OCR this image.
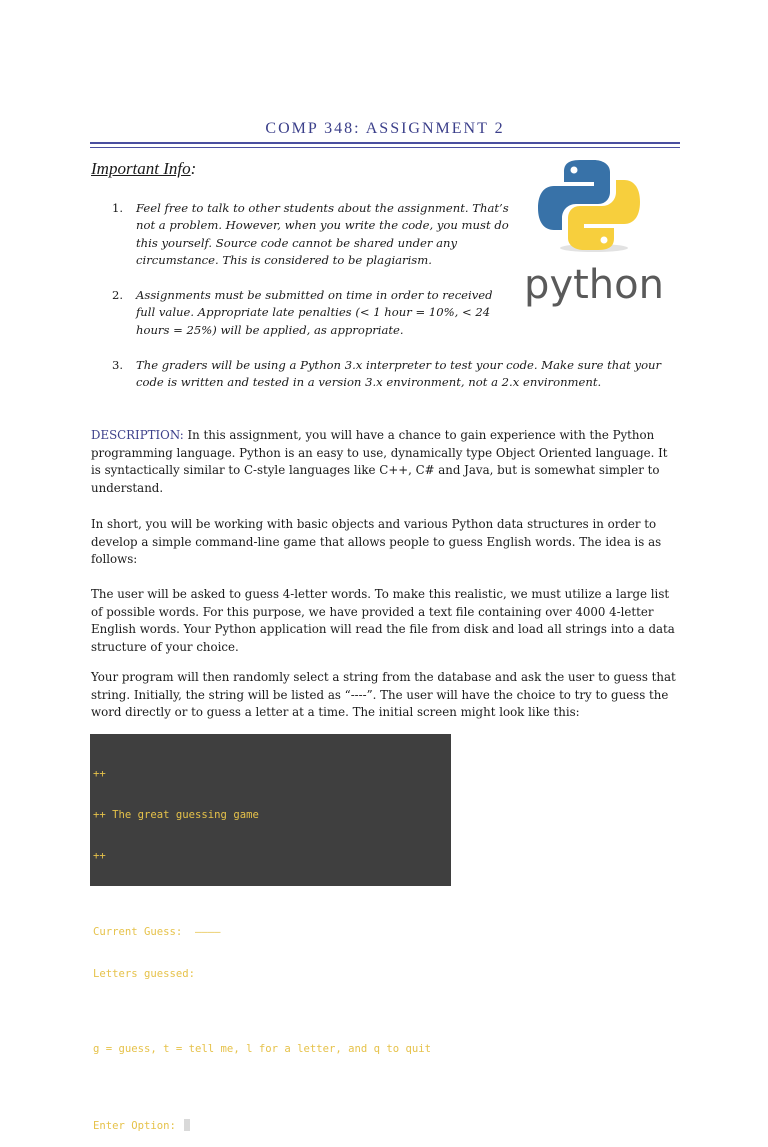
COMP 348: ASSIGNMENT 2
Important Info:
1. Feel free to talk to other students about the assignment. That’s not a problem. However, when you write the code, you must do this yourself. Source code cannot be shared under any circumstance. This is considered to be plagiarism.
2. Assignments must be submitted on time in order to received full value. Appropriate late penalties (< 1 hour = 10%, < 24 hours = 25%) will be applied, as appropriate.
3. The graders will be using a Python 3.x interpreter to test your code. Make sure that your code is written and tested in a version 3.x environment, not a 2.x environment.
python

DESCRIPTION: In this assignment, you will have a chance to gain experience with the Python programming language. Python is an easy to use, dynamically type Object Oriented language. It is syntactically similar to C-style languages like C++, C# and Java, but is somewhat simpler to understand.

In short, you will be working with basic objects and various Python data structures in order to develop a simple command-line game that allows people to guess English words. The idea is as follows:

The user will be asked to guess 4-letter words. To make this realistic, we must utilize a large list of possible words. For this purpose, we have provided a text file containing over 4000 4-letter English words. Your Python application will read the file from disk and load all strings into a data structure of your choice.

Your program will then randomly select a string from the database and ask the user to guess that string. Initially, the string will be listed as “----”. The user will have the choice to try to guess the word directly or to guess a letter at a time. The initial screen might look like this:

++

++ The great guessing game

++

Current Guess:  ––––

Letters guessed:

g = guess, t = tell me, l for a letter, and q to quit

Enter Option:
